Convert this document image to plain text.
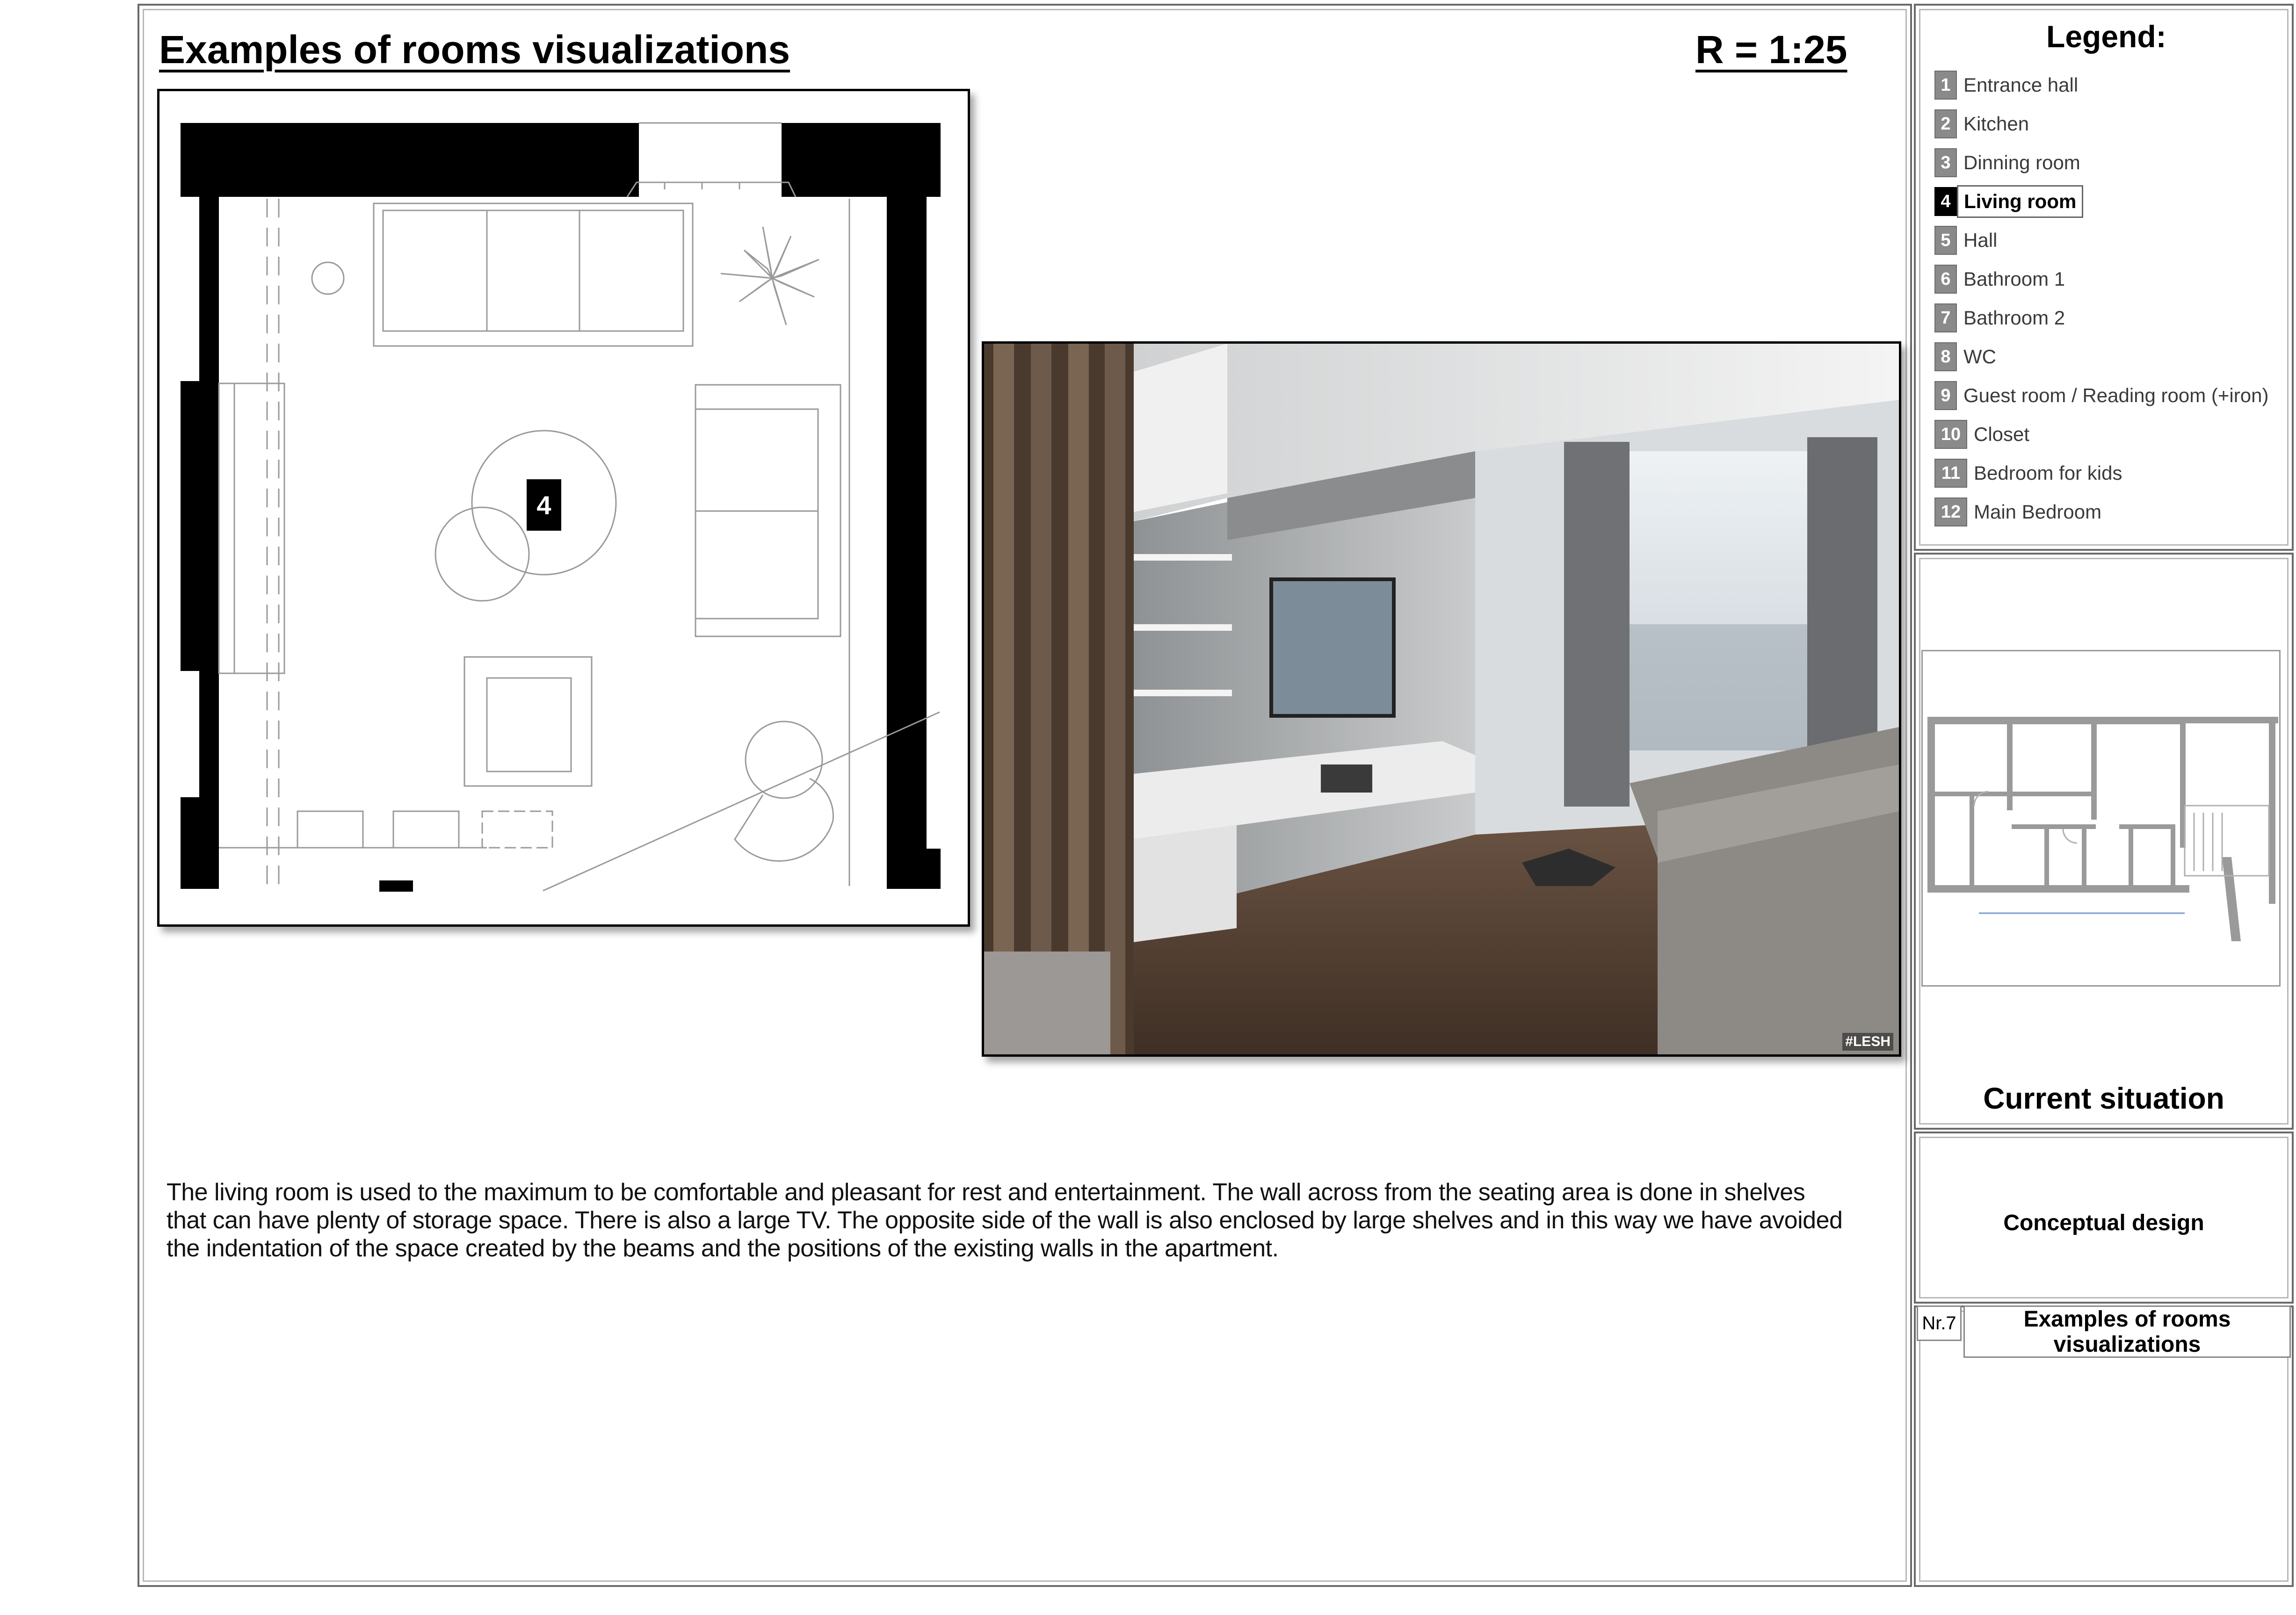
Examples of rooms visualizations	R = 1:25
4
#LESH
The living room is used to the maximum to be comfortable and pleasant for rest and entertainment. The wall across from the seating area is done in shelves that can have plenty of storage space. There is also a large TV. The opposite side of the wall is also enclosed by large shelves and in this way we have avoided the indentation of the space created by the beams and the positions of the existing walls in the apartment.
Legend:
1 Entrance hall
2 Kitchen
3 Dinning room
4 Living room
5 Hall
6 Bathroom 1
7 Bathroom 2
8 WC
9 Guest room / Reading room (+iron)
10 Closet
11 Bedroom for kids
12 Main Bedroom
Current situation
Conceptual design
Nr.7	Examples of rooms
visualizations
